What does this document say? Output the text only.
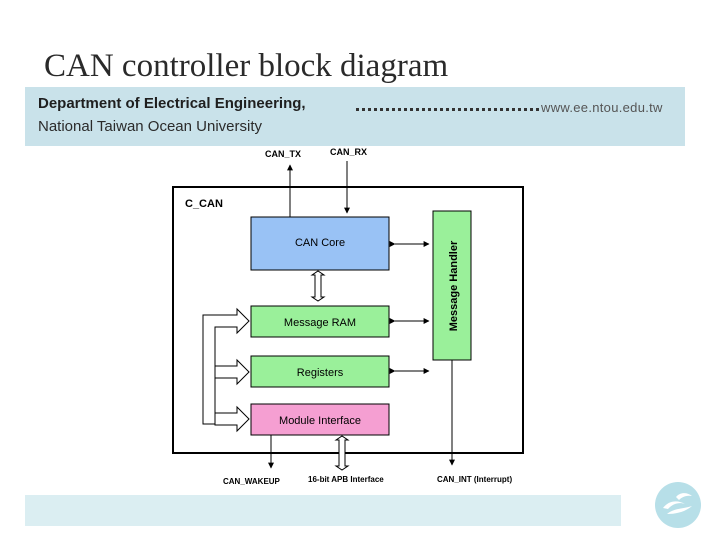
CAN controller block diagram
Department of Electrical Engineering,
National Taiwan Ocean University
www.ee.ntou.edu.tw
C_CAN
CAN_TX	CAN_RX
CAN Core
Message RAM
Registers
Module Interface
Message Handler
CAN_INT (Interrupt)
CAN_WAKEUP	16-bit APB Interface
